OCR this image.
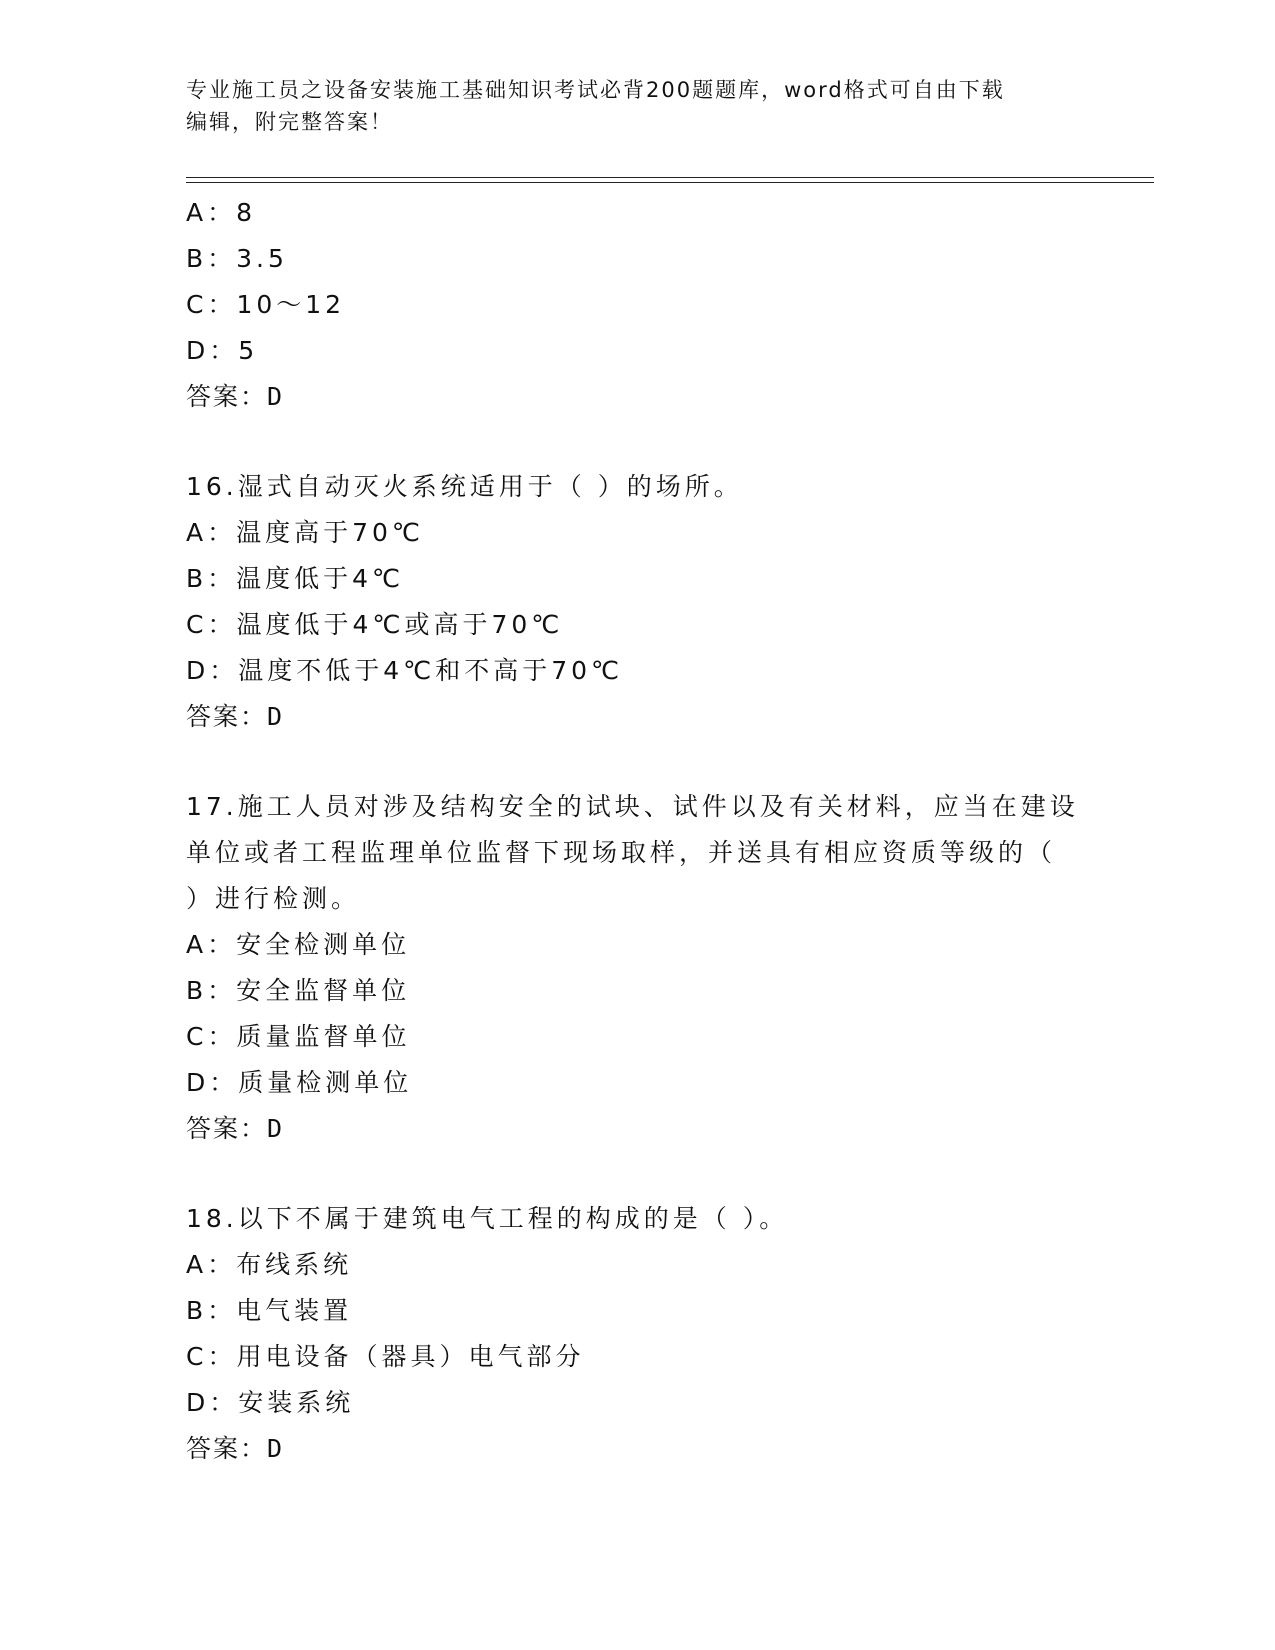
专业施工员之设备安装施工基础知识考试必背200题题库，word格式可自由下载
编辑，附完整答案！
A：8
B：3.5
C：10～12
D：5
答案：D
16.湿式自动灭火系统适用于（ ）的场所。
A：温度高于70℃
B：温度低于4℃
C：温度低于4℃或高于70℃
D：温度不低于4℃和不高于70℃
答案：D
17.施工人员对涉及结构安全的试块、试件以及有关材料，应当在建设
单位或者工程监理单位监督下现场取样，并送具有相应资质等级的（
）进行检测。
A：安全检测单位
B：安全监督单位
C：质量监督单位
D：质量检测单位
答案：D
18.以下不属于建筑电气工程的构成的是（ ）。
A：布线系统
B：电气装置
C：用电设备（器具）电气部分
D：安装系统
答案：D
